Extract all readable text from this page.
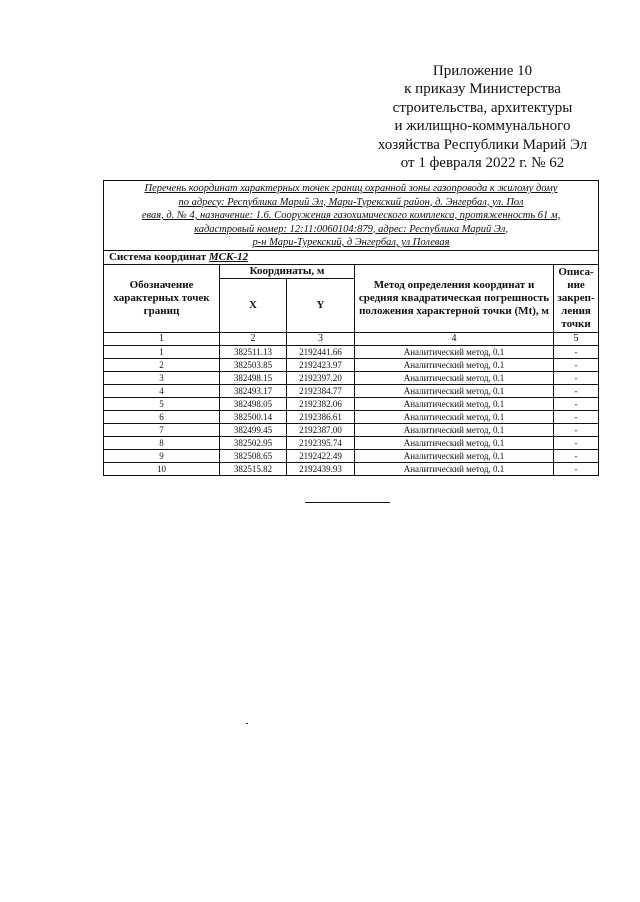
Приложение 10
к приказу Министерства
строительства, архитектуры
и жилищно-коммунального
хозяйства Республики Марий Эл
от 1 февраля 2022 г. № 62
Перечень координат характерных точек границ охранной зоны газопровода к жилому дому
по адресу: Республика Марий Эл, Мари-Турекский район, д. Энгербал, ул. Пол
евая, д. № 4, назначение: 1.6. Сооружения газохимического комплекса, протяженность 61 м,
кадастровый номер: 12:11:0060104:879, адрес: Республика Марий Эл,
р-н Мари-Турекский, д Энгербал, ул Полевая				

Система координат МСК-12				
Обозначение характерных точек границ	Координаты, м		Метод определения координат и средняя квадратическая погрешность положения характерной точки (Mt), м	Описа-ние закреп-ления точки
	X	Y		
1	2	3	4	5
1	382511.13	2192441.66	Аналитический метод, 0.1	-
2	382503.85	2192423.97	Аналитический метод, 0.1	-
3	382498.15	2192397.20	Аналитический метод, 0.1	-
4	382493.17	2192384.77	Аналитический метод, 0.1	-
5	382498.05	2192382.06	Аналитический метод, 0.1	-
6	382500.14	2192386.61	Аналитический метод, 0.1	-
7	382499.45	2192387.00	Аналитический метод, 0.1	-
8	382502.95	2192395.74	Аналитический метод, 0.1	-
9	382508.65	2192422.49	Аналитический метод, 0.1	-
10	382515.82	2192439.93	Аналитический метод, 0.1	-
